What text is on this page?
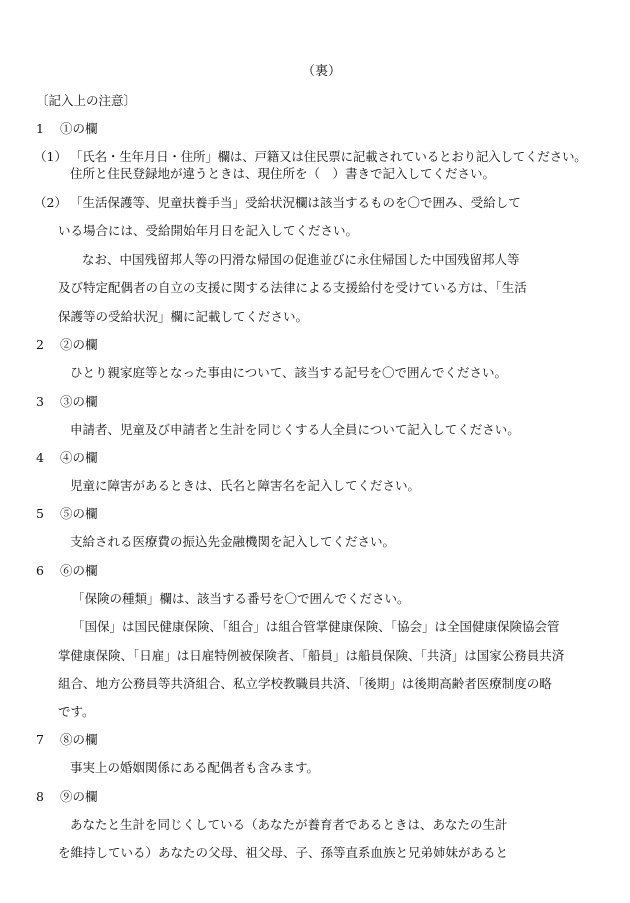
（裏）
〔記入上の注意〕
1 ①の欄
（1） 「氏名・生年月日・住所」欄は、戸籍又は住民票に記載されているとおり記入してください。
住所と住民登録地が違うときは、現住所を（　）書きで記入してください。
（2） 「生活保護等、児童扶養手当」受給状況欄は該当するものを〇で囲み、受給して
いる場合には、受給開始年月日を記入してください。
なお、中国残留邦人等の円滑な帰国の促進並びに永住帰国した中国残留邦人等
及び特定配偶者の自立の支援に関する法律による支援給付を受けている方は、「生活
保護等の受給状況」欄に記載してください。
2 ②の欄
ひとり親家庭等となった事由について、該当する記号を〇で囲んでください。
3 ③の欄
申請者、児童及び申請者と生計を同じくする人全員について記入してください。
4 ④の欄
児童に障害があるときは、氏名と障害名を記入してください。
5 ⑤の欄
支給される医療費の振込先金融機関を記入してください。
6 ⑥の欄
「保険の種類」欄は、該当する番号を〇で囲んでください。
「国保」は国民健康保険、「組合」は組合管掌健康保険、「協会」は全国健康保険協会管
掌健康保険、「日雇」は日雇特例被保険者、「船員」は船員保険、「共済」は国家公務員共済
組合、地方公務員等共済組合、私立学校教職員共済、「後期」は後期高齢者医療制度の略
です。
7 ⑧の欄
事実上の婚姻関係にある配偶者も含みます。
8 ⑨の欄
あなたと生計を同じくしている（あなたが養育者であるときは、あなたの生計
を維持している）あなたの父母、祖父母、子、孫等直系血族と兄弟姉妹があると
